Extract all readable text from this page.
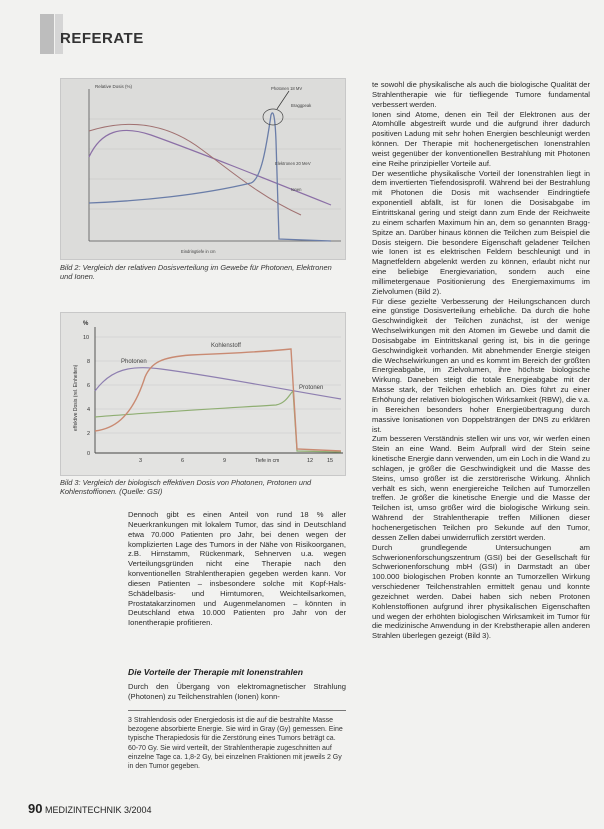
REFERATE
Relative Dosis (%)	Photonen 18 MV
Braggpeak
Elektronen 20 MeV
Ionen
Eindringtiefe in cm
Bild 2: Vergleich der relativen Dosisverteilung im Gewebe für Photonen, Elektronen und Ionen.
%
0
2
4
6
8
10
3	6	9	12	15
Tiefe in cm
effektive Dosis (rel. Einheiten)
Kohlenstoff
Photonen
Protonen
Bild 3: Vergleich der biologisch effektiven Dosis von Photonen, Protonen und Kohlenstoffionen. (Quelle: GSI)

Dennoch gibt es einen Anteil von rund 18 % aller Neuerkrankungen mit lokalem Tumor, das sind in Deutschland etwa 70.000 Patienten pro Jahr, bei denen wegen der komplizierten Lage des Tumors in der Nähe von Risikoorganen, z.B. Hirnstamm, Rückenmark, Sehnerven u.a. wegen Verteilungsgründen nicht eine Therapie nach den konventionellen Strahlentherapien gegeben werden kann. Vor diesen Patienten – insbesondere solche mit Kopf-Hals-Schädelbasis- und Hirntumoren, Weichteilsarkomen, Prostatakarzinomen und Augenmelanomen – könnten in Deutschland etwa 10.000 Patienten pro Jahr von der Ionentherapie profitieren.

Die Vorteile der Therapie mit Ionenstrahlen

Durch den Übergang von elektromagnetischer Strahlung (Photonen) zu Teilchenstrahlen (Ionen) konn-

3 Strahlendosis oder Energiedosis ist die auf die bestrahlte Masse bezogene absorbierte Energie. Sie wird in Gray (Gy) gemessen. Eine typische Therapiedosis für die Zerstörung eines Tumors beträgt ca. 60-70 Gy. Sie wird verteilt, der Strahlentherapie zugeschnitten auf einzelne Tage ca. 1,8-2 Gy, bei einzelnen Fraktionen mit jeweils 2 Gy in den Tumor gegeben.

te sowohl die physikalische als auch die biologische Qualität der Strahlentherapie wie für tiefliegende Tumore fundamental verbessert werden.

Ionen sind Atome, denen ein Teil der Elektronen aus der Atomhülle abgestreift wurde und die aufgrund ihrer dadurch positiven Ladung mit sehr hohen Energien beschleunigt werden können. Der Therapie mit hochenergetischen Ionenstrahlen weist gegenüber der konventionellen Bestrahlung mit Photonen eine Reihe prinzipieller Vorteile auf.

Der wesentliche physikalische Vorteil der Ionenstrahlen liegt in dem invertierten Tiefendosisprofil. Während bei der Bestrahlung mit Photonen die Dosis mit wachsender Eindringtiefe exponentiell abfällt, ist für Ionen die Dosisabgabe im Eintrittskanal gering und steigt dann zum Ende der Reichweite zu einem scharfen Maximum hin an, dem so genannten Bragg-Spitze an. Darüber hinaus können die Teilchen zum Beispiel die Dosis steigern. Die besondere Eigenschaft geladener Teilchen wie Ionen ist es elektrischen Feldern beschleunigt und in Magnetfeldern abgelenkt werden zu können, erlaubt nicht nur eine beliebige Energievariation, sondern auch eine millimetergenaue Positionierung des Energiemaximums im Zielvolumen (Bild 2).

Für diese gezielte Verbesserung der Heilungschancen durch eine günstige Dosisverteilung erhebliche. Da durch die hohe Geschwindigkeit der Teilchen zunächst, ist der wenige Wechselwirkungen mit den Atomen im Gewebe und damit die Dosisabgabe im Eintrittskanal gering ist, bis in die geringe Geschwindigkeit vorhanden. Mit abnehmender Energie steigen die Wechselwirkungen an und es kommt im Bereich der größten Energieabgabe, im Zielvolumen, ihre höchste biologische Wirkung. Daneben steigt die totale Energieabgabe mit der Masse stark, der Teilchen erheblich an. Dies führt zu einer Erhöhung der relativen biologischen Wirksamkeit (RBW), die v.a. in Bereichen besonders hoher Energieübertragung durch massive Ionisationen von Doppelsträngen der DNS zu erklären ist.

Zum besseren Verständnis stellen wir uns vor, wir werfen einen Stein an eine Wand. Beim Aufprall wird der Stein seine kinetische Energie dann verwenden, um ein Loch in die Wand zu schlagen, je größer die Geschwindigkeit und die Masse des Steins, umso größer ist die zerstörerische Wirkung. Ähnlich verhält es sich, wenn energiereiche Teilchen auf Tumorzellen treffen. Je größer die kinetische Energie und die Masse der Teilchen ist, umso größer wird die biologische Wirkung sein. Während der Strahlentherapie treffen Millionen dieser hochenergetischen Teilchen pro Sekunde auf den Tumor, dessen Zellen dabei unwiderruflich zerstört werden.

Durch grundlegende Untersuchungen am Schwerionenforschungszentrum (GSI) bei der Gesellschaft für Schwerionenforschung mbH (GSI) in Darmstadt an über 100.000 biologischen Proben konnte an Tumorzellen Wirkung verschiedener Teilchenstrahlen ermittelt genau und konnte gezeichnet werden. Dabei haben sich neben Protonen Kohlenstoffionen aufgrund ihrer physikalischen Eigenschaften und wegen der erhöhten biologischen Wirksamkeit im Tumor für die medizinische Anwendung in der Krebstherapie allen anderen Strahlen überlegen gezeigt (Bild 3).

90 MEDIZINTECHNIK 3/2004
